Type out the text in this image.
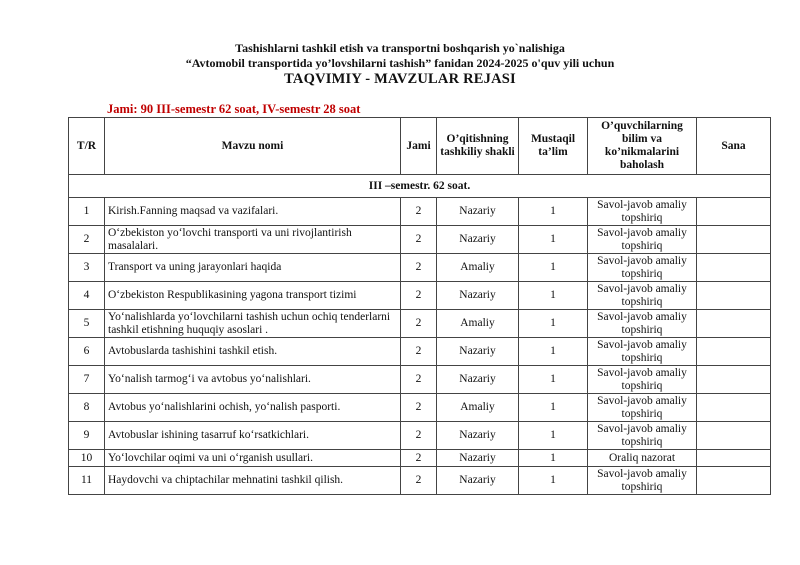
Tashishlarni tashkil etish va transportni boshqarish yo`nalishiga
“Avtomobil transportida yo’lovshilarni tashish” fanidan 2024-2025 o'quv yili uchun
TAQVIMIY - MAVZULAR REJASI
Jami: 90 III-semestr 62 soat, IV-semestr 28 soat
T/R	Mavzu nomi	Jami	O’qitishning tashkiliy shakli	Mustaqil ta’lim	O’quvchilarning bilim va ko’nikmalarini baholash	Sana
III –semestr. 62 soat.						
1	Kirish.Fanning maqsad va vazifalari.	2	Nazariy	1	Savol-javob amaliy topshiriq	
2	O‘zbekiston yo‘lovchi transporti va uni rivojlantirish masalalari.	2	Nazariy	1	Savol-javob amaliy topshiriq	
3	Transport va uning jarayonlari haqida	2	Amaliy	1	Savol-javob amaliy topshiriq	
4	O‘zbekiston Respublikasining yagona transport tizimi	2	Nazariy	1	Savol-javob amaliy topshiriq	
5	Yo‘nalishlarda yo‘lovchilarni tashish uchun ochiq tenderlarni tashkil etishning huquqiy asoslari .	2	Amaliy	1	Savol-javob amaliy topshiriq	
6	Avtobuslarda tashishini tashkil etish.	2	Nazariy	1	Savol-javob amaliy topshiriq	
7	Yo‘nalish tarmog‘i va avtobus yo‘nalishlari.	2	Nazariy	1	Savol-javob amaliy topshiriq	
8	Avtobus yo‘nalishlarini ochish, yo‘nalish pasporti.	2	Amaliy	1	Savol-javob amaliy topshiriq	
9	Avtobuslar ishining tasarruf ko‘rsatkichlari.	2	Nazariy	1	Savol-javob amaliy topshiriq	
10	Yo‘lovchilar oqimi va uni o‘rganish usullari.	2	Nazariy	1	Oraliq nazorat	
11	Haydovchi va chiptachilar mehnatini tashkil qilish.	2	Nazariy	1	Savol-javob amaliy topshiriq	
